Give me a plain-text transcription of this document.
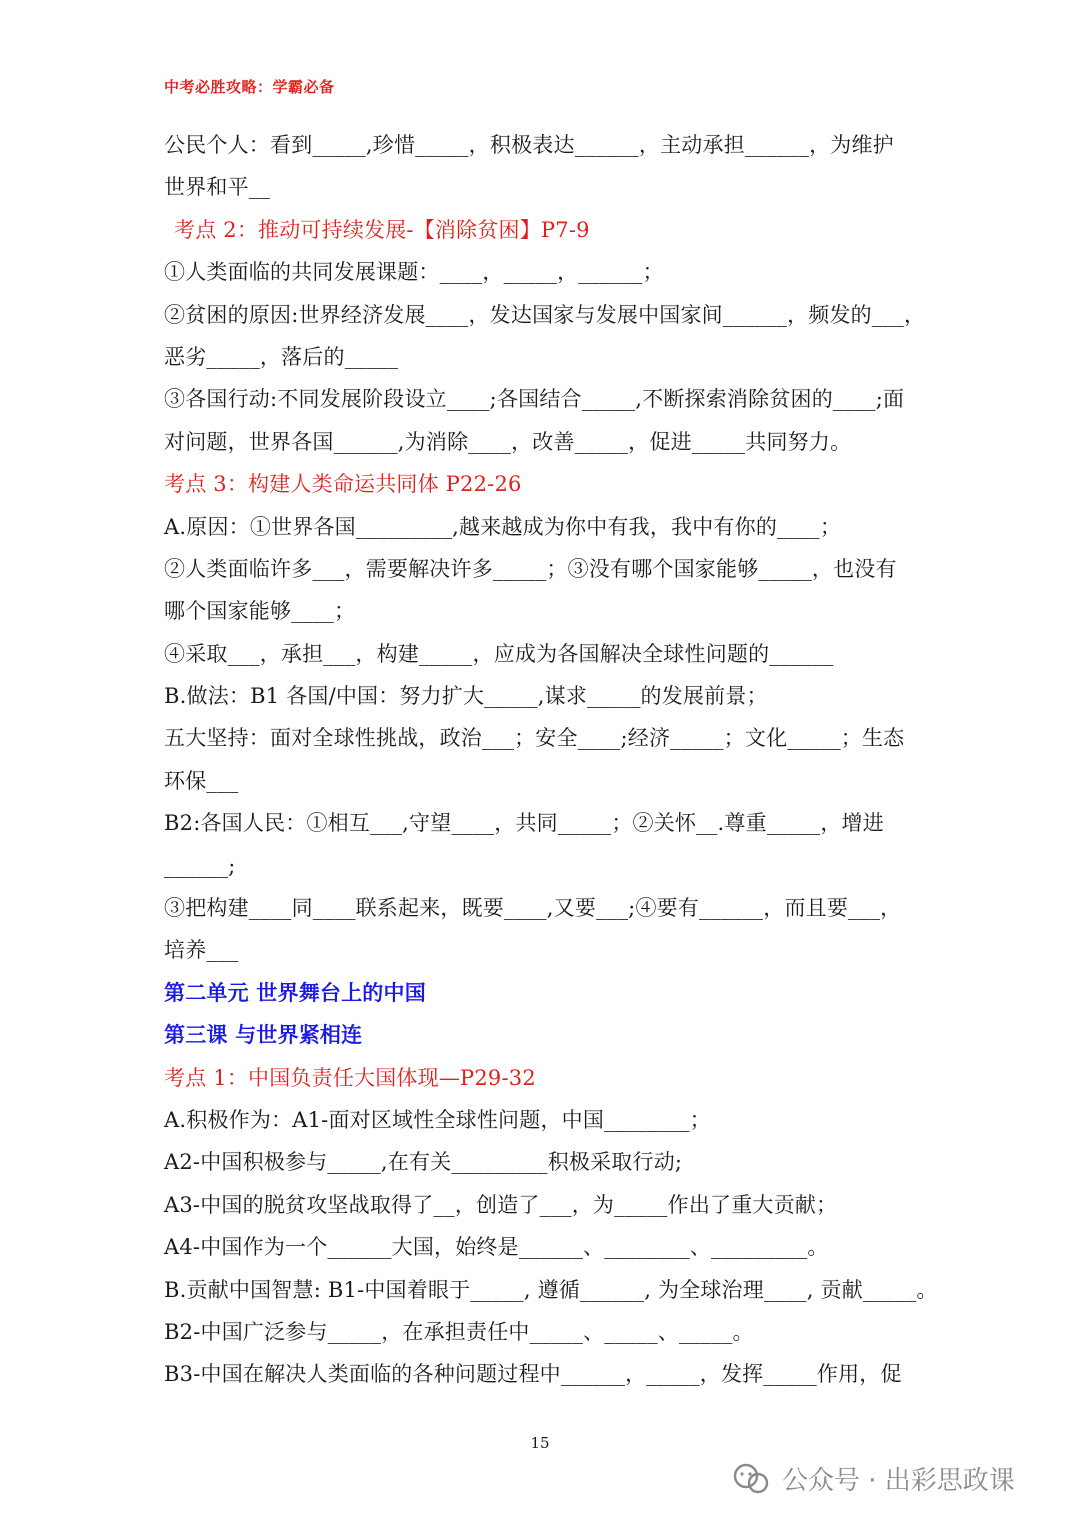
中考必胜攻略：学霸必备
公民个人：看到_____,珍惜_____，积极表达______，主动承担______，为维护
世界和平__
考点 2：推动可持续发展-【消除贫困】P7-9
①人类面临的共同发展课题：____，_____，______；
②贫困的原因:世界经济发展____，发达国家与发展中国家间______，频发的___，
恶劣_____，落后的_____
③各国行动:不同发展阶段设立____;各国结合_____,不断探索消除贫困的____;面
对问题，世界各国______,为消除____，改善_____，促进_____共同努力。
考点 3：构建人类命运共同体 P22-26
A.原因：①世界各国_________,越来越成为你中有我，我中有你的____；
②人类面临许多___，需要解决许多_____；③没有哪个国家能够_____，也没有
哪个国家能够____；
④采取___，承担___，构建_____，应成为各国解决全球性问题的______
B.做法：B1 各国/中国：努力扩大_____,谋求_____的发展前景；
五大坚持：面对全球性挑战，政治___；安全____;经济_____；文化_____；生态
环保___
B2:各国人民：①相互___,守望____，共同_____；②关怀__.尊重_____，增进
______;
③把构建____同____联系起来，既要____,又要___;④要有______，而且要___，
培养___
第二单元 世界舞台上的中国
第三课 与世界紧相连
考点 1：中国负责任大国体现—P29-32
A.积极作为：A1-面对区域性全球性问题，中国________；
A2-中国积极参与_____,在有关_________积极采取行动;
A3-中国的脱贫攻坚战取得了__，创造了___，为_____作出了重大贡献；
A4-中国作为一个______大国，始终是______、________、_________。
B.贡献中国智慧: B1-中国着眼于_____, 遵循______, 为全球治理____, 贡献_____。
B2-中国广泛参与_____，在承担责任中_____、_____、_____。
B3-中国在解决人类面临的各种问题过程中______，_____，发挥_____作用，促
15
公众号 · 出彩思政课
